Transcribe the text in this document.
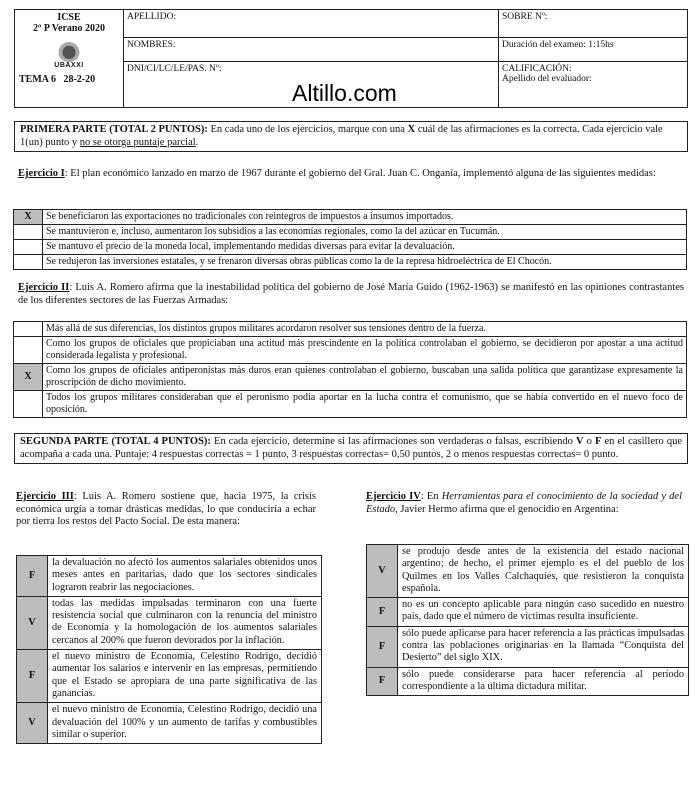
ICSE
2º P Verano 2020
UBAXXI
TEMA 6 28-2-20	APELLIDO:	SOBRE Nº:
	NOMBRES:	Duración del examen: 1:15hs
	DNI/CI/LC/LE/PAS. Nº:	CALIFICACIÓN:
Apellido del evaluador:
Altillo.com
PRIMERA PARTE (TOTAL 2 PUNTOS): En cada uno de los ejercicios, marque con una X cuál de las afirmaciones es la correcta. Cada ejercicio vale 1(un) punto y no se otorga puntaje parcial.
Ejercicio I: El plan económico lanzado en marzo de 1967 durante el gobierno del Gral. Juan C. Onganía, implementó alguna de las siguientes medidas:
X	Se beneficiaron las exportaciones no tradicionales con reintegros de impuestos a insumos importados.
	Se mantuvieron e, incluso, aumentaron los subsidios a las economías regionales, como la del azúcar en Tucumán.
	Se mantuvo el precio de la moneda local, implementando medidas diversas para evitar la devaluación.
	Se redujeron las inversiones estatales, y se frenaron diversas obras públicas como la de la represa hidroeléctrica de El Chocón.
Ejercicio II: Luis A. Romero afirma que la inestabilidad política del gobierno de José María Guido (1962-1963) se manifestó en las opiniones contrastantes de los diferentes sectores de las Fuerzas Armadas:
	Más allá de sus diferencias, los distintos grupos militares acordaron resolver sus tensiones dentro de la fuerza.
	Como los grupos de oficiales que propiciaban una actitud más prescindente en la política controlaban el gobierno, se decidieron por apostar a una actitud considerada legalista y profesional.
X	Como los grupos de oficiales antiperonistas más duros eran quienes controlaban el gobierno, buscaban una salida política que garantizase expresamente la proscripción de dicho movimiento.
	Todos los grupos militares consideraban que el peronismo podía aportar en la lucha contra el comunismo, que se había convertido en el nuevo foco de oposición.
SEGUNDA PARTE (TOTAL 4 PUNTOS): En cada ejercicio, determine si las afirmaciones son verdaderas o falsas, escribiendo V o F en el casillero que acompaña a cada una. Puntaje: 4 respuestas correctas = 1 punto, 3 respuestas correctas= 0,50 puntos, 2 o menos respuestas correctas= 0 punto.
Ejercicio III: Luis A. Romero sostiene que, hacia 1975, la crisis económica urgía a tomar drásticas medidas, lo que conduciría a echar por tierra los restos del Pacto Social. De esta manera:
F	la devaluación no afectó los aumentos salariales obtenidos unos meses antes en paritarias, dado que los sectores sindicales lograron reabrir las negociaciones.
V	todas las medidas impulsadas terminaron con una fuerte resistencia social que culminaron con la renuncia del ministro de Economía y la homologación de los aumentos salariales cercanos al 200% que fueron devorados por la inflación.
F	el nuevo ministro de Economía, Celestino Rodrigo, decidió aumentar los salarios e intervenir en las empresas, permitiendo que el Estado se apropiara de una parte significativa de las ganancias.
V	el nuevo ministro de Economía, Celestino Rodrigo, decidió una devaluación del 100% y un aumento de tarifas y combustibles similar o superior.
Ejercicio IV: En Herramientas para el conocimiento de la sociedad y del Estado, Javier Hermo afirma que el genocidio en Argentina:
V	se produjo desde antes de la existencia del estado nacional argentino; de hecho, el primer ejemplo es el del pueblo de los Quilmes en los Valles Calchaquíes, que resistieron la conquista española.
F	no es un concepto aplicable para ningún caso sucedido en nuestro país, dado que el número de víctimas resulta insuficiente.
F	sólo puede aplicarse para hacer referencia a las prácticas impulsadas contra las poblaciones originarias en la llamada “Conquista del Desierto” del siglo XIX.
F	sólo puede considerarse para hacer referencia al período correspondiente a la última dictadura militar.
